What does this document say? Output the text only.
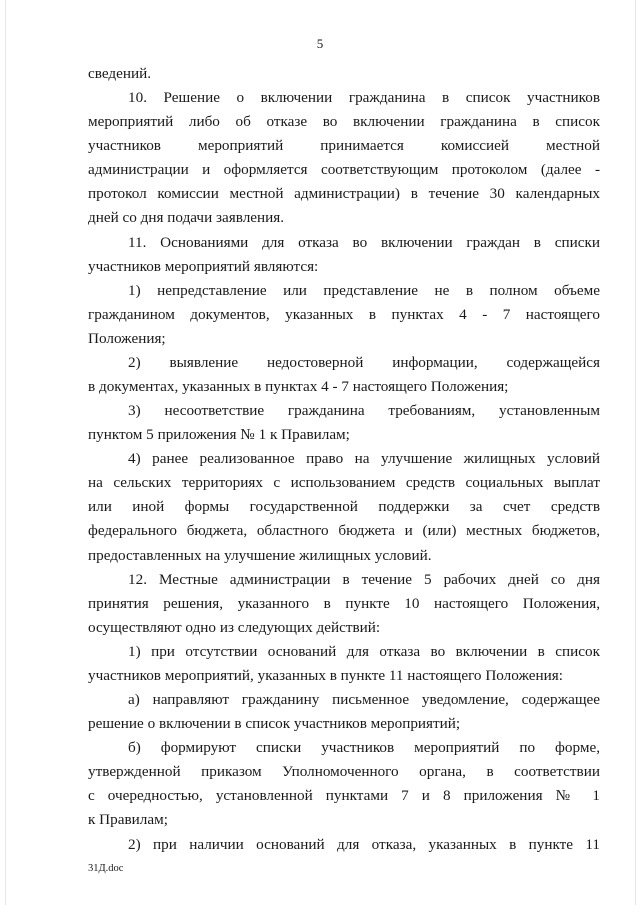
5
сведений.
10. Решение о включении гражданина в список участников
мероприятий либо об отказе во включении гражданина в список
участников мероприятий принимается комиссией местной
администрации и оформляется соответствующим протоколом (далее -
протокол комиссии местной администрации) в течение 30 календарных
дней со дня подачи заявления.
11. Основаниями для отказа во включении граждан в списки
участников мероприятий являются:
1) непредставление или представление не в полном объеме
гражданином документов, указанных в пунктах 4 - 7 настоящего
Положения;
2) выявление недостоверной информации, содержащейся
в документах, указанных в пунктах 4 - 7 настоящего Положения;
3) несоответствие гражданина требованиям, установленным
пунктом 5 приложения № 1 к Правилам;
4) ранее реализованное право на улучшение жилищных условий
на сельских территориях с использованием средств социальных выплат
или иной формы государственной поддержки за счет средств
федерального бюджета, областного бюджета и (или) местных бюджетов,
предоставленных на улучшение жилищных условий.
12. Местные администрации в течение 5 рабочих дней со дня
принятия решения, указанного в пункте 10 настоящего Положения,
осуществляют одно из следующих действий:
1) при отсутствии оснований для отказа во включении в список
участников мероприятий, указанных в пункте 11 настоящего Положения:
а) направляют гражданину письменное уведомление, содержащее
решение о включении в список участников мероприятий;
б) формируют списки участников мероприятий по форме,
утвержденной приказом Уполномоченного органа, в соответствии
с очередностью, установленной пунктами 7 и 8 приложения № 1
к Правилам;
2) при наличии оснований для отказа, указанных в пункте 11
31Д.doc
